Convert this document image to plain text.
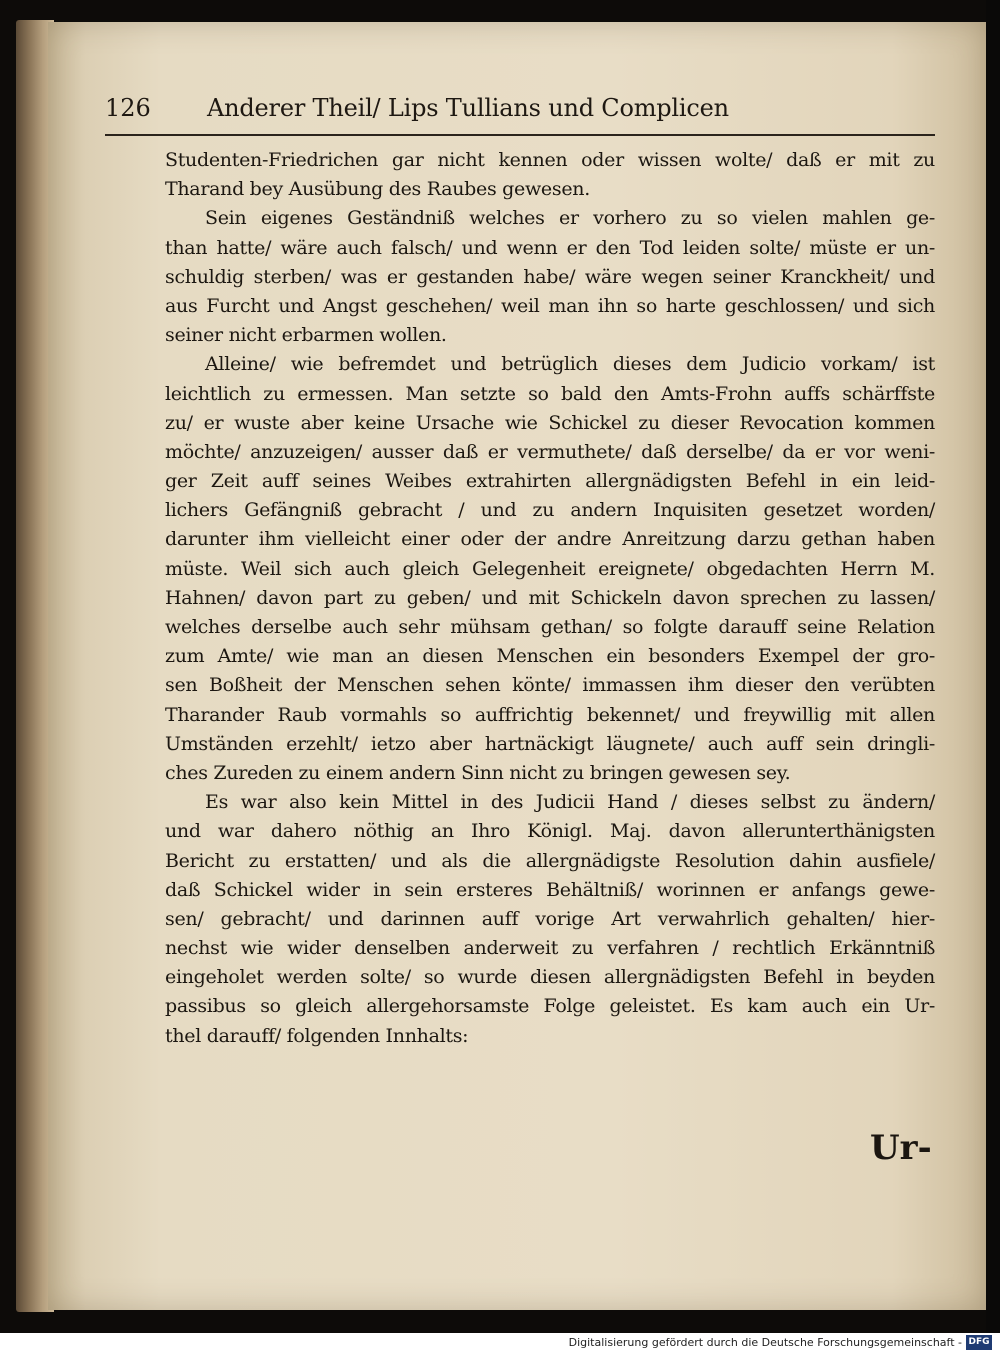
126 Anderer Theil/ Lips Tullians und Complicen
Studenten-Friedrichen gar nicht kennen oder wissen wolte/ daß er mit zu
Tharand bey Ausübung des Raubes gewesen.
Sein eigenes Geständniß welches er vorhero zu so vielen mahlen ge-
than hatte/ wäre auch falsch/ und wenn er den Tod leiden solte/ müste er un-
schuldig sterben/ was er gestanden habe/ wäre wegen seiner Kranckheit/ und
aus Furcht und Angst geschehen/ weil man ihn so harte geschlossen/ und sich
seiner nicht erbarmen wollen.
Alleine/ wie befremdet und betrüglich dieses dem Judicio vorkam/ ist
leichtlich zu ermessen. Man setzte so bald den Amts-Frohn auffs schärffste
zu/ er wuste aber keine Ursache wie Schickel zu dieser Revocation kommen
möchte/ anzuzeigen/ ausser daß er vermuthete/ daß derselbe/ da er vor weni-
ger Zeit auff seines Weibes extrahirten allergnädigsten Befehl in ein leid-
lichers Gefängniß gebracht / und zu andern Inquisiten gesetzet worden/
darunter ihm vielleicht einer oder der andre Anreitzung darzu gethan haben
müste. Weil sich auch gleich Gelegenheit ereignete/ obgedachten Herrn M.
Hahnen/ davon part zu geben/ und mit Schickeln davon sprechen zu lassen/
welches derselbe auch sehr mühsam gethan/ so folgte darauff seine Relation
zum Amte/ wie man an diesen Menschen ein besonders Exempel der gro-
sen Boßheit der Menschen sehen könte/ immassen ihm dieser den verübten
Tharander Raub vormahls so auffrichtig bekennet/ und freywillig mit allen
Umständen erzehlt/ ietzo aber hartnäckigt läugnete/ auch auff sein dringli-
ches Zureden zu einem andern Sinn nicht zu bringen gewesen sey.
Es war also kein Mittel in des Judicii Hand / dieses selbst zu ändern/
und war dahero nöthig an Ihro Königl. Maj. davon allerunterthänigsten
Bericht zu erstatten/ und als die allergnädigste Resolution dahin ausfiele/
daß Schickel wider in sein ersteres Behältniß/ worinnen er anfangs gewe-
sen/ gebracht/ und darinnen auff vorige Art verwahrlich gehalten/ hier-
nechst wie wider denselben anderweit zu verfahren / rechtlich Erkänntniß
eingeholet werden solte/ so wurde diesen allergnädigsten Befehl in beyden
passibus so gleich allergehorsamste Folge geleistet. Es kam auch ein Ur-
thel darauff/ folgenden Innhalts:
Ur-
Digitalisierung gefördert durch die Deutsche Forschungsgemeinschaft - DFG
